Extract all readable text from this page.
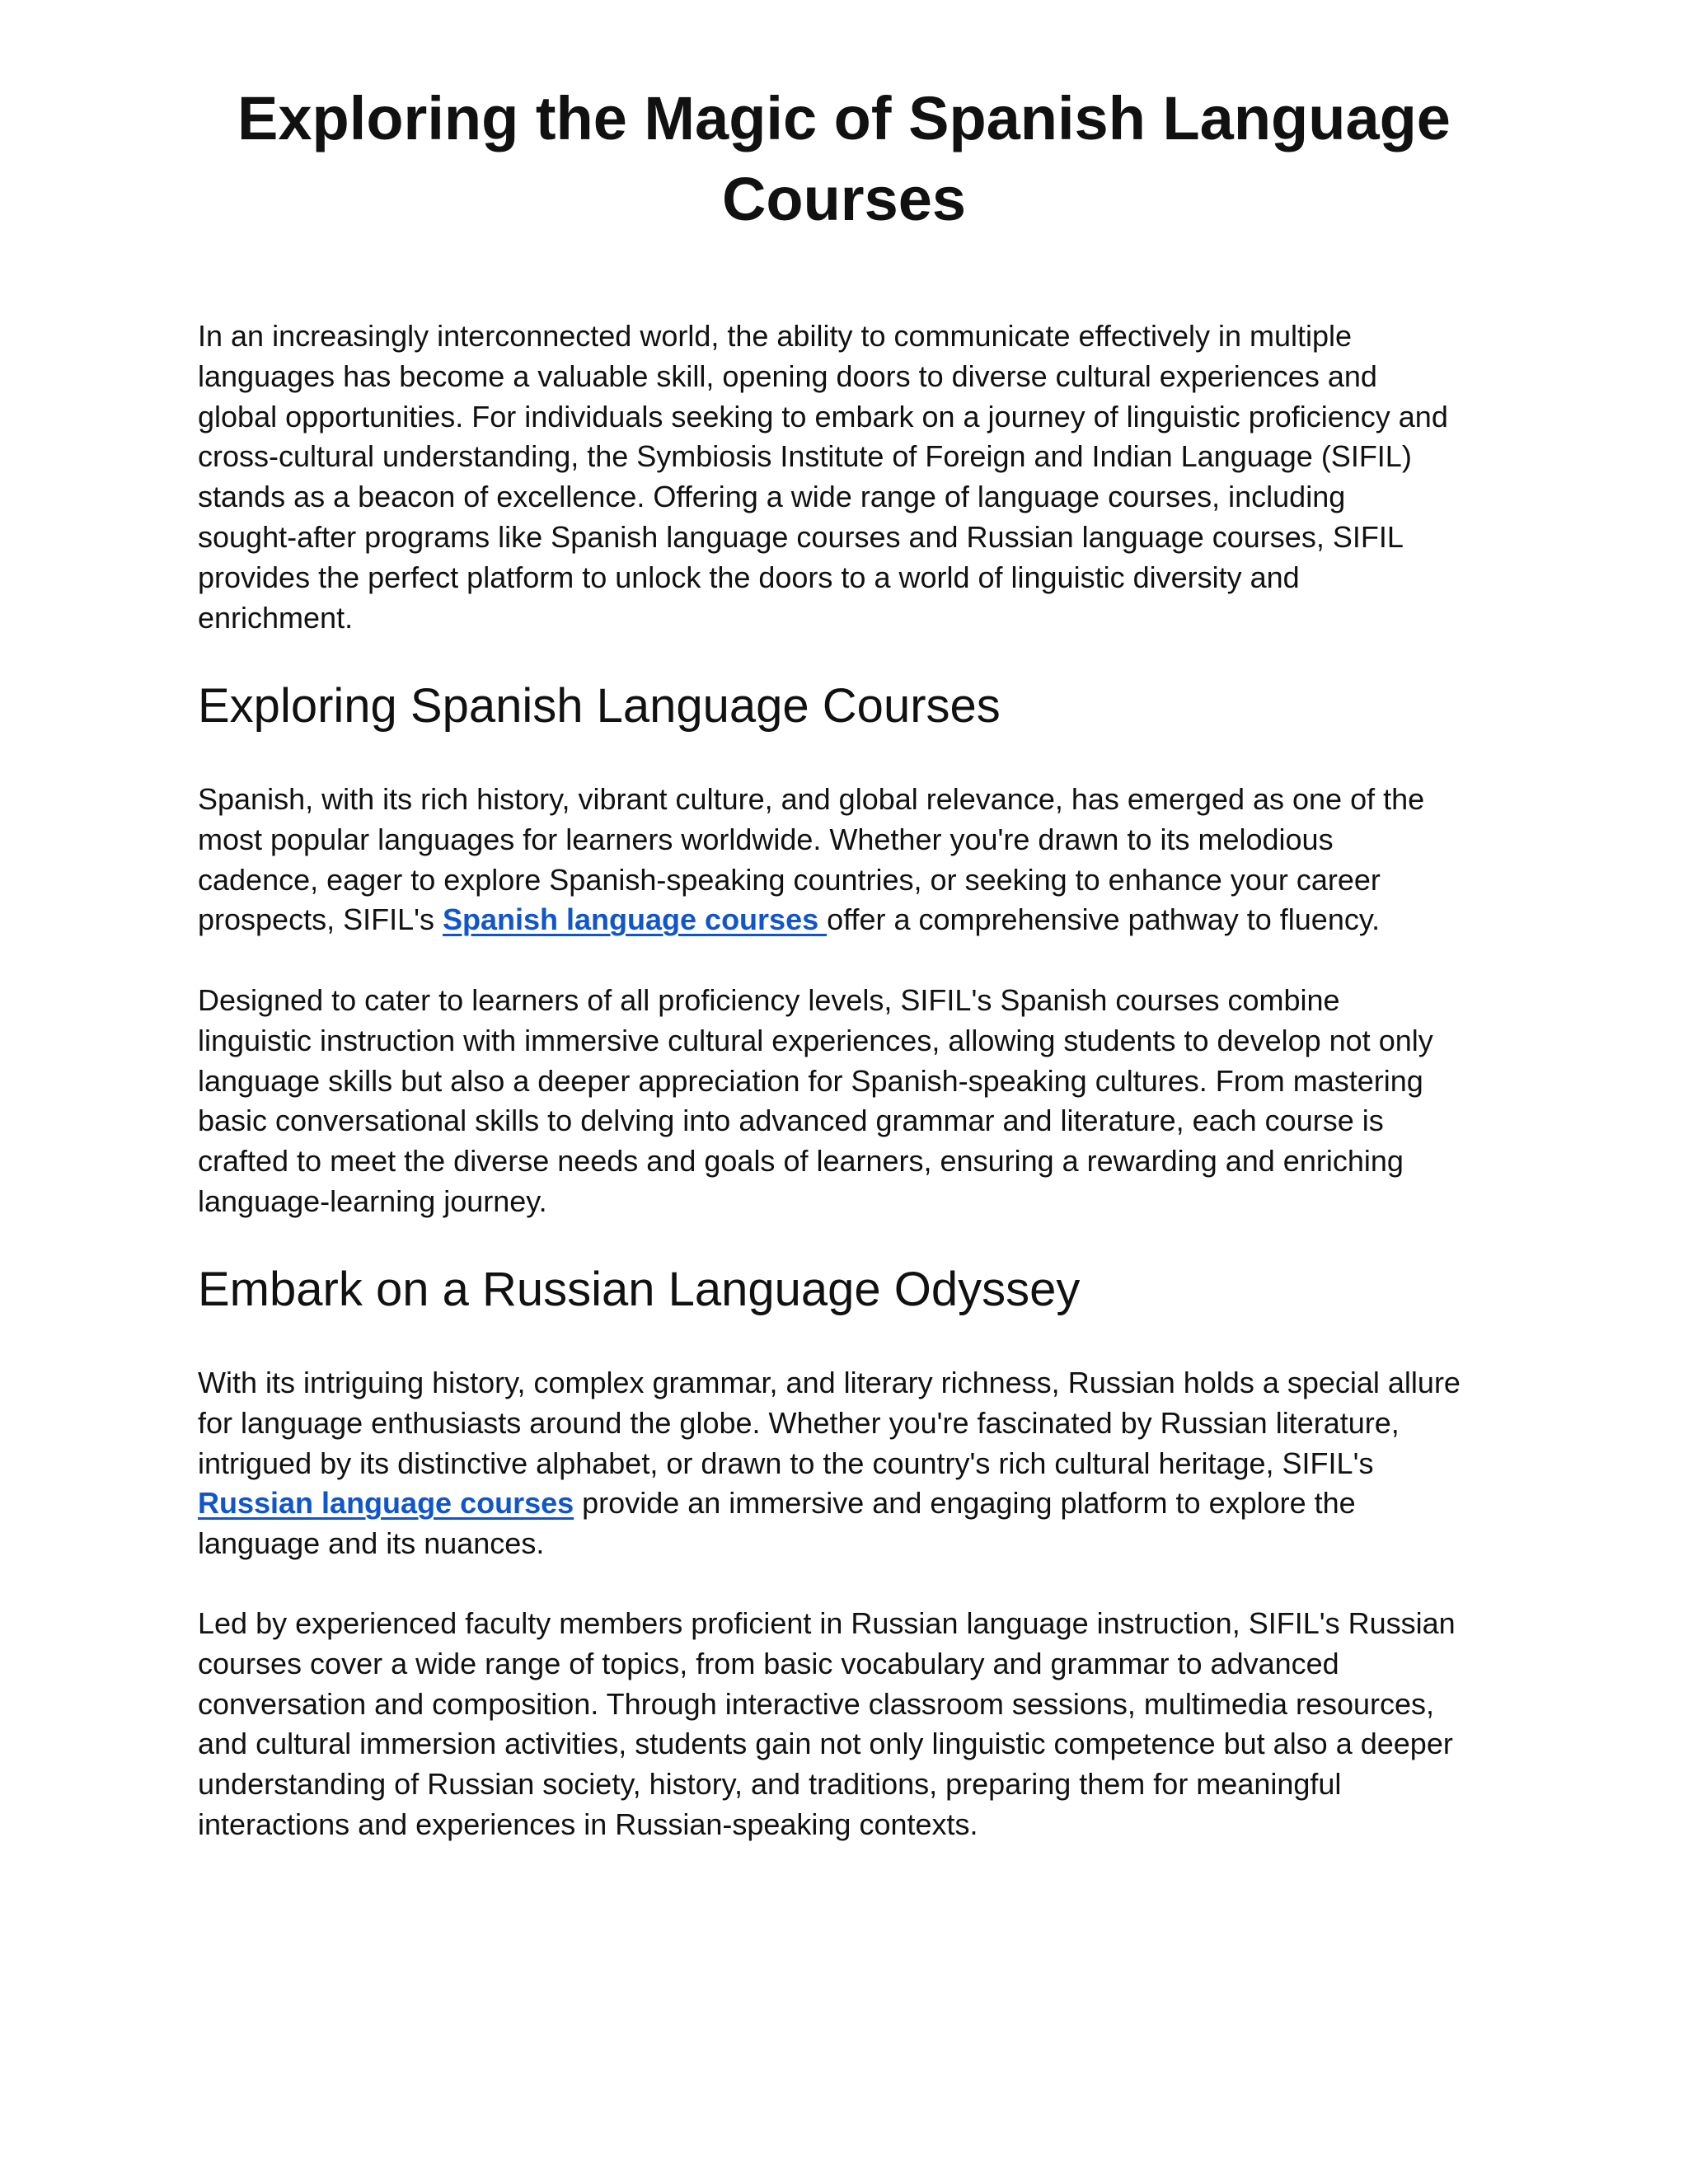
Exploring the Magic of Spanish Language
Courses

In an increasingly interconnected world, the ability to communicate effectively in multiple
languages has become a valuable skill, opening doors to diverse cultural experiences and
global opportunities. For individuals seeking to embark on a journey of linguistic proficiency and
cross-cultural understanding, the Symbiosis Institute of Foreign and Indian Language (SIFIL)
stands as a beacon of excellence. Offering a wide range of language courses, including
sought-after programs like Spanish language courses and Russian language courses, SIFIL
provides the perfect platform to unlock the doors to a world of linguistic diversity and
enrichment.

Exploring Spanish Language Courses

Spanish, with its rich history, vibrant culture, and global relevance, has emerged as one of the
most popular languages for learners worldwide. Whether you're drawn to its melodious
cadence, eager to explore Spanish-speaking countries, or seeking to enhance your career
prospects, SIFIL's Spanish language courses offer a comprehensive pathway to fluency.

Designed to cater to learners of all proficiency levels, SIFIL's Spanish courses combine
linguistic instruction with immersive cultural experiences, allowing students to develop not only
language skills but also a deeper appreciation for Spanish-speaking cultures. From mastering
basic conversational skills to delving into advanced grammar and literature, each course is
crafted to meet the diverse needs and goals of learners, ensuring a rewarding and enriching
language-learning journey.

Embark on a Russian Language Odyssey

With its intriguing history, complex grammar, and literary richness, Russian holds a special allure
for language enthusiasts around the globe. Whether you're fascinated by Russian literature,
intrigued by its distinctive alphabet, or drawn to the country's rich cultural heritage, SIFIL's
Russian language courses provide an immersive and engaging platform to explore the
language and its nuances.

Led by experienced faculty members proficient in Russian language instruction, SIFIL's Russian
courses cover a wide range of topics, from basic vocabulary and grammar to advanced
conversation and composition. Through interactive classroom sessions, multimedia resources,
and cultural immersion activities, students gain not only linguistic competence but also a deeper
understanding of Russian society, history, and traditions, preparing them for meaningful
interactions and experiences in Russian-speaking contexts.
